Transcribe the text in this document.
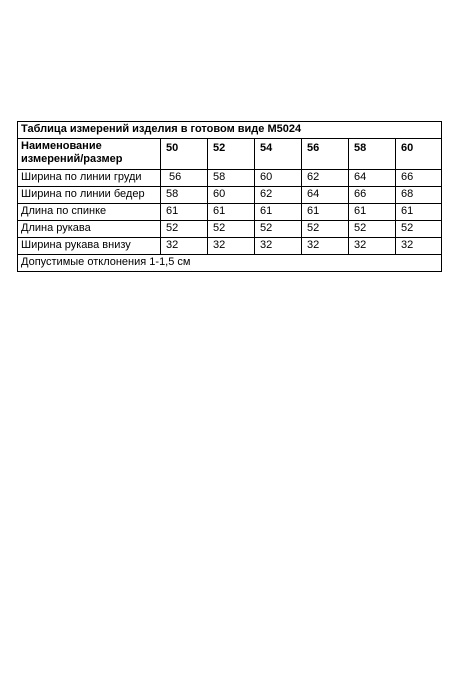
Таблица измерений изделия в готовом виде М5024						

Наименование
измерений/размер	50	52	54	56	58	60
Ширина по линии груди	56	58	60	62	64	66
Ширина по линии бедер	58	60	62	64	66	68
Длина по спинке	61	61	61	61	61	61
Длина рукава	52	52	52	52	52	52
Ширина рукава внизу	32	32	32	32	32	32
Допустимые отклонения 1-1,5 см						
